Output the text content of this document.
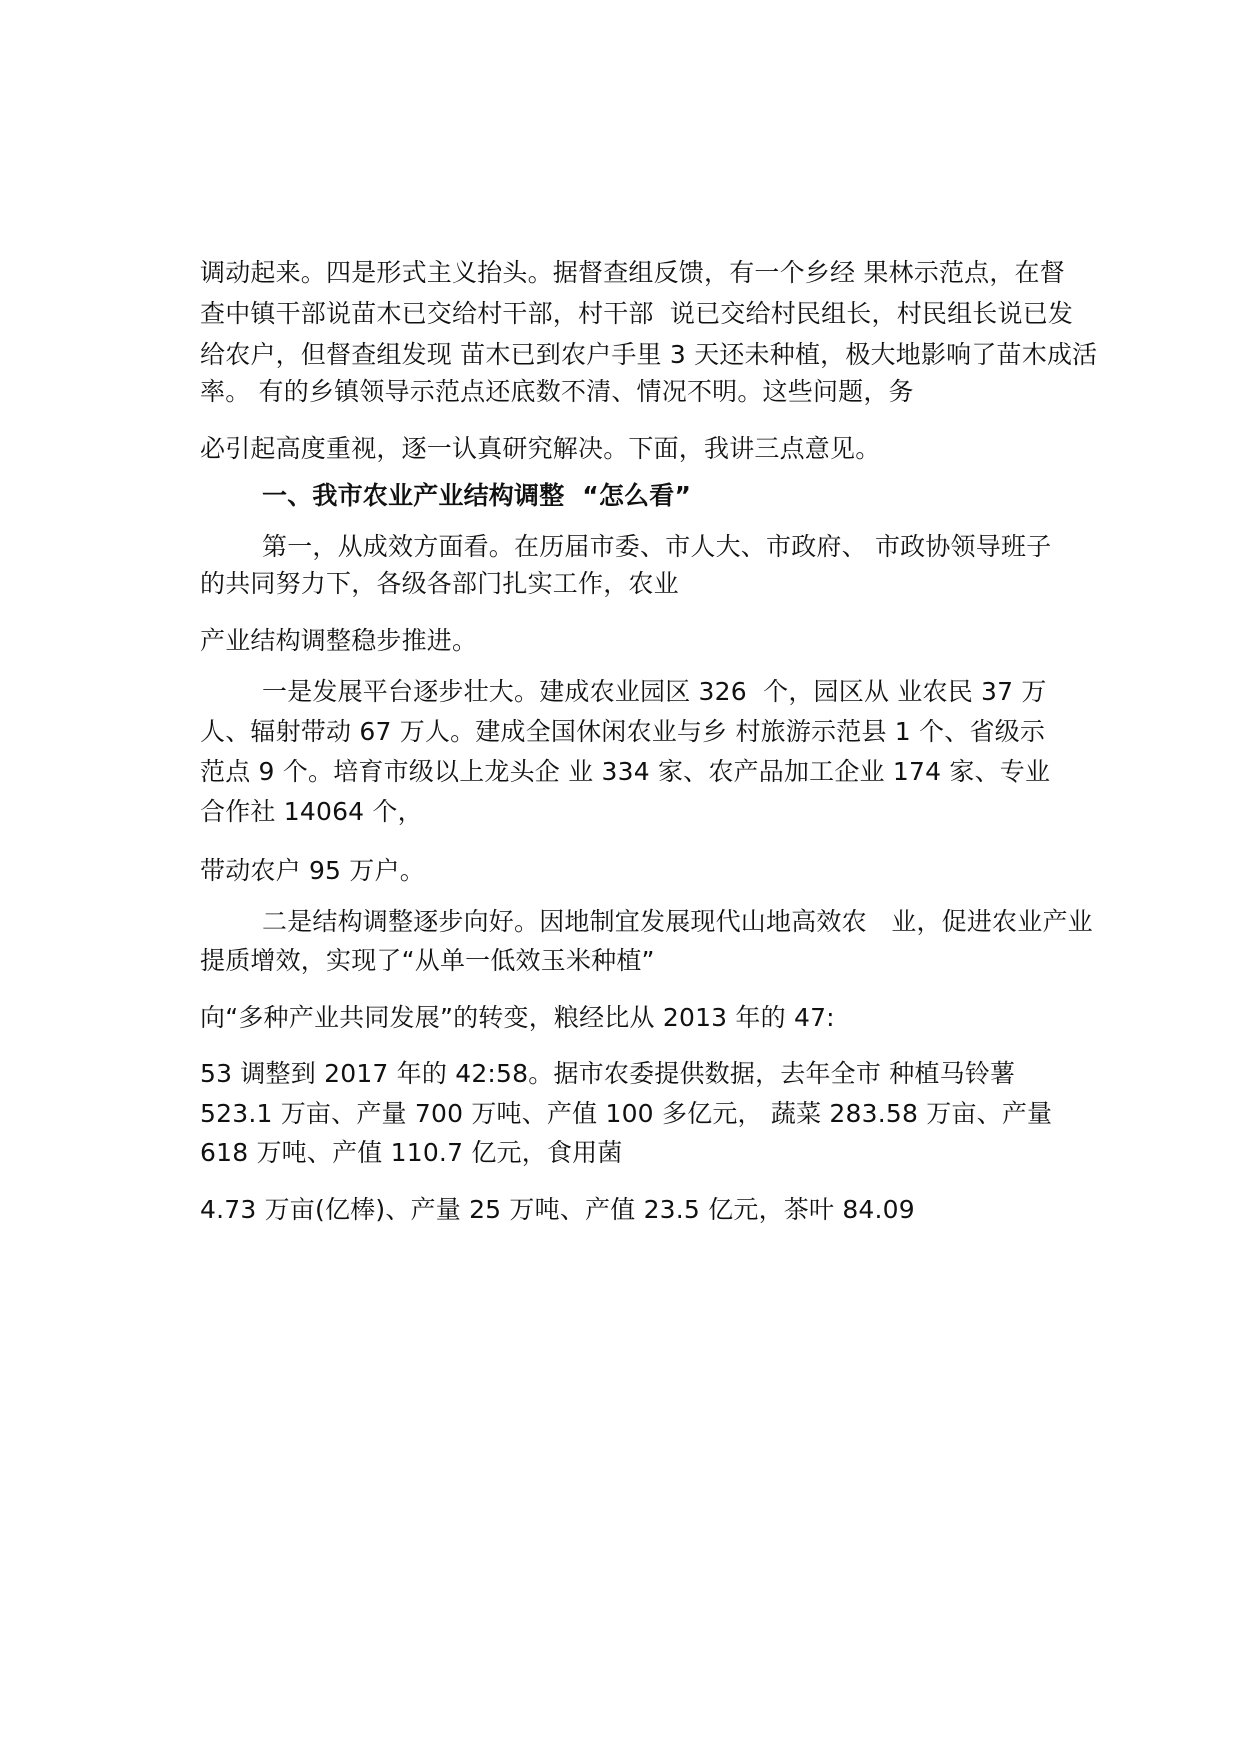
调动起来。四是形式主义抬头。据督查组反馈，有一个乡经 果林示范点，在督
查中镇干部说苗木已交给村干部，村干部  说已交给村民组长，村民组长说已发
给农户，但督查组发现 苗木已到农户手里 3 天还未种植，极大地影响了苗木成活
率。 有的乡镇领导示范点还底数不清、情况不明。这些问题，务
必引起高度重视，逐一认真研究解决。下面，我讲三点意见。
一、我市农业产业结构调整  “怎么看”
第一，从成效方面看。在历届市委、市人大、市政府、 市政协领导班子
的共同努力下，各级各部门扎实工作，农业
产业结构调整稳步推进。
一是发展平台逐步壮大。建成农业园区 326  个，园区从 业农民 37 万
人、辐射带动 67 万人。建成全国休闲农业与乡 村旅游示范县 1 个、省级示
范点 9 个。培育市级以上龙头企 业 334 家、农产品加工企业 174 家、专业
合作社 14064 个，
带动农户 95 万户。
二是结构调整逐步向好。因地制宜发展现代山地高效农   业，促进农业产业
提质增效，实现了“从单一低效玉米种植”
向“多种产业共同发展”的转变，粮经比从 2013 年的 47:
53 调整到 2017 年的 42:58。据市农委提供数据，去年全市 种植马铃薯
523.1 万亩、产量 700 万吨、产值 100 多亿元， 蔬菜 283.58 万亩、产量
618 万吨、产值 110.7 亿元，食用菌
4.73 万亩(亿棒)、产量 25 万吨、产值 23.5 亿元，茶叶 84.09
